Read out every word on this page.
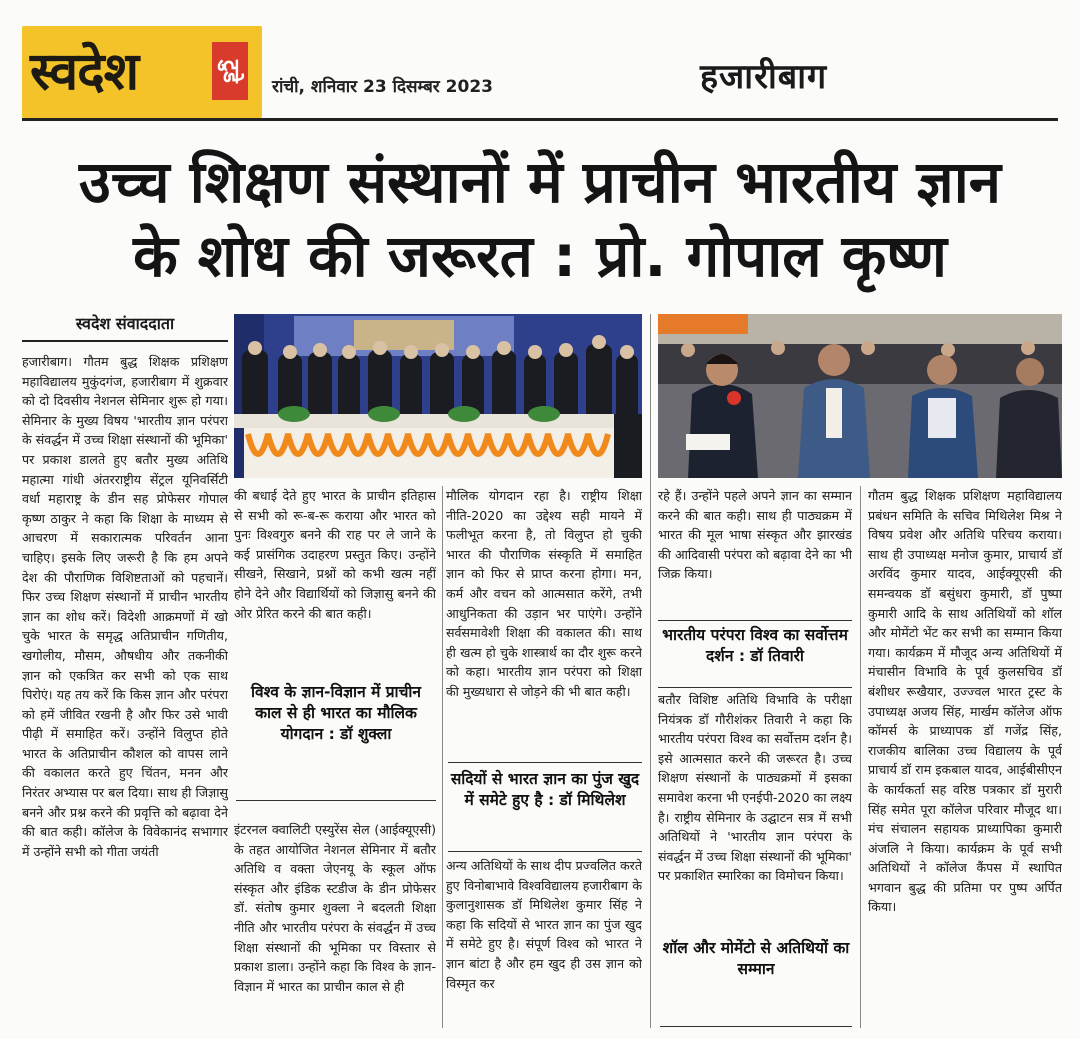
स्वदेश	टुडे
रांची, शनिवार 23 दिसम्बर 2023	हजारीबाग
उच्च शिक्षण संस्थानों में प्राचीन भारतीय ज्ञान
के शोध की जरूरत : प्रो. गोपाल कृष्ण
स्वदेश संवाददाता
हजारीबाग। गौतम बुद्ध शिक्षक प्रशिक्षण महाविद्यालय मुकुंदगंज, हजारीबाग में शुक्रवार को दो दिवसीय नेशनल सेमिनार शुरू हो गया। सेमिनार के मुख्य विषय 'भारतीय ज्ञान परंपरा के संवर्द्धन में उच्च शिक्षा संस्थानों की भूमिका' पर प्रकाश डालते हुए बतौर मुख्य अतिथि महात्मा गांधी अंतरराष्ट्रीय सेंट्रल यूनिवर्सिटी वर्धा महाराष्ट्र के डीन सह प्रोफेसर गोपाल कृष्ण ठाकुर ने कहा कि शिक्षा के माध्यम से आचरण में सकारात्मक परिवर्तन आना चाहिए। इसके लिए जरूरी है कि हम अपने देश की पौराणिक विशिष्टताओं को पहचानें। फिर उच्च शिक्षण संस्थानों में प्राचीन भारतीय ज्ञान का शोध करें। विदेशी आक्रमणों में खो चुके भारत के समृद्ध अतिप्राचीन गणितीय, खगोलीय, मौसम, औषधीय और तकनीकी ज्ञान को एकत्रित कर सभी को एक साथ पिरोएं। यह तय करें कि किस ज्ञान और परंपरा को हमें जीवित रखनी है और फिर उसे भावी पीढ़ी में समाहित करें। उन्होंने विलुप्त होते भारत के अतिप्राचीन कौशल को वापस लाने की वकालत करते हुए चिंतन, मनन और निरंतर अभ्यास पर बल दिया। साथ ही जिज्ञासु बनने और प्रश्न करने की प्रवृत्ति को बढ़ावा देने की बात कही। कॉलेज के विवेकानंद सभागार में उन्होंने सभी को गीता जयंती
की बधाई देते हुए भारत के प्राचीन इतिहास से सभी को रू-ब-रू कराया और भारत को पुनः विश्वगुरु बनने की राह पर ले जाने के कई प्रासंगिक उदाहरण प्रस्तुत किए। उन्होंने सीखने, सिखाने, प्रश्नों को कभी खत्म नहीं होने देने और विद्यार्थियों को जिज्ञासु बनने की ओर प्रेरित करने की बात कही।
विश्व के ज्ञान-विज्ञान में प्राचीन काल से ही भारत का मौलिक योगदान : डॉ शुक्ला
इंटरनल क्वालिटी एस्युरेंस सेल (आईक्यूएसी) के तहत आयोजित नेशनल सेमिनार में बतौर अतिथि व वक्ता जेएनयू के स्कूल ऑफ संस्कृत और इंडिक स्टडीज के डीन प्रोफेसर डॉ. संतोष कुमार शुक्ला ने बदलती शिक्षा नीति और भारतीय परंपरा के संवर्द्धन में उच्च शिक्षा संस्थानों की भूमिका पर विस्तार से प्रकाश डाला। उन्होंने कहा कि विश्व के ज्ञान-विज्ञान में भारत का प्राचीन काल से ही
मौलिक योगदान रहा है। राष्ट्रीय शिक्षा नीति-2020 का उद्देश्य सही मायने में फलीभूत करना है, तो विलुप्त हो चुकी भारत की पौराणिक संस्कृति में समाहित ज्ञान को फिर से प्राप्त करना होगा। मन, कर्म और वचन को आत्मसात करेंगे, तभी आधुनिकता की उड़ान भर पाएंगे। उन्होंने सर्वसमावेशी शिक्षा की वकालत की। साथ ही खत्म हो चुके शास्त्रार्थ का दौर शुरू करने को कहा। भारतीय ज्ञान परंपरा को शिक्षा की मुख्यधारा से जोड़ने की भी बात कही।
सदियों से भारत ज्ञान का पुंज खुद में समेटे हुए है : डॉ मिथिलेश
अन्य अतिथियों के साथ दीप प्रज्वलित करते हुए विनोबाभावे विश्वविद्यालय हजारीबाग के कुलानुशासक डॉ मिथिलेश कुमार सिंह ने कहा कि सदियों से भारत ज्ञान का पुंज खुद में समेटे हुए है। संपूर्ण विश्व को भारत ने ज्ञान बांटा है और हम खुद ही उस ज्ञान को विस्मृत कर
रहे हैं। उन्होंने पहले अपने ज्ञान का सम्मान करने की बात कही। साथ ही पाठ्यक्रम में भारत की मूल भाषा संस्कृत और झारखंड की आदिवासी परंपरा को बढ़ावा देने का भी जिक्र किया।
भारतीय परंपरा विश्व का सर्वोत्तम दर्शन : डॉ तिवारी
बतौर विशिष्ट अतिथि विभावि के परीक्षा नियंत्रक डॉ गौरीशंकर तिवारी ने कहा कि भारतीय परंपरा विश्व का सर्वोत्तम दर्शन है। इसे आत्मसात करने की जरूरत है। उच्च शिक्षण संस्थानों के पाठ्यक्रमों में इसका समावेश करना भी एनईपी-2020 का लक्ष्य है। राष्ट्रीय सेमिनार के उद्घाटन सत्र में सभी अतिथियों ने 'भारतीय ज्ञान परंपरा के संवर्द्धन में उच्च शिक्षा संस्थानों की भूमिका' पर प्रकाशित स्मारिका का विमोचन किया।
शॉल और मोमेंटो से अतिथियों का सम्मान
गौतम बुद्ध शिक्षक प्रशिक्षण महाविद्यालय प्रबंधन समिति के सचिव मिथिलेश मिश्र ने विषय प्रवेश और अतिथि परिचय कराया। साथ ही उपाध्यक्ष मनोज कुमार, प्राचार्य डॉ अरविंद कुमार यादव, आईक्यूएसी की समन्वयक डॉ बसुंधरा कुमारी, डॉ पुष्पा कुमारी आदि के साथ अतिथियों को शॉल और मोमेंटो भेंट कर सभी का सम्मान किया गया। कार्यक्रम में मौजूद अन्य अतिथियों में मंचासीन विभावि के पूर्व कुलसचिव डॉ बंशीधर रूखैयार, उज्ज्वल भारत ट्रस्ट के उपाध्यक्ष अजय सिंह, मार्खम कॉलेज ऑफ कॉमर्स के प्राध्यापक डॉ गजेंद्र सिंह, राजकीय बालिका उच्च विद्यालय के पूर्व प्राचार्य डॉ राम इकबाल यादव, आईबीसीएन के कार्यकर्ता सह वरिष्ठ पत्रकार डॉ मुरारी सिंह समेत पूरा कॉलेज परिवार मौजूद था। मंच संचालन सहायक प्राध्यापिका कुमारी अंजलि ने किया। कार्यक्रम के पूर्व सभी अतिथियों ने कॉलेज कैंपस में स्थापित भगवान बुद्ध की प्रतिमा पर पुष्प अर्पित किया।
